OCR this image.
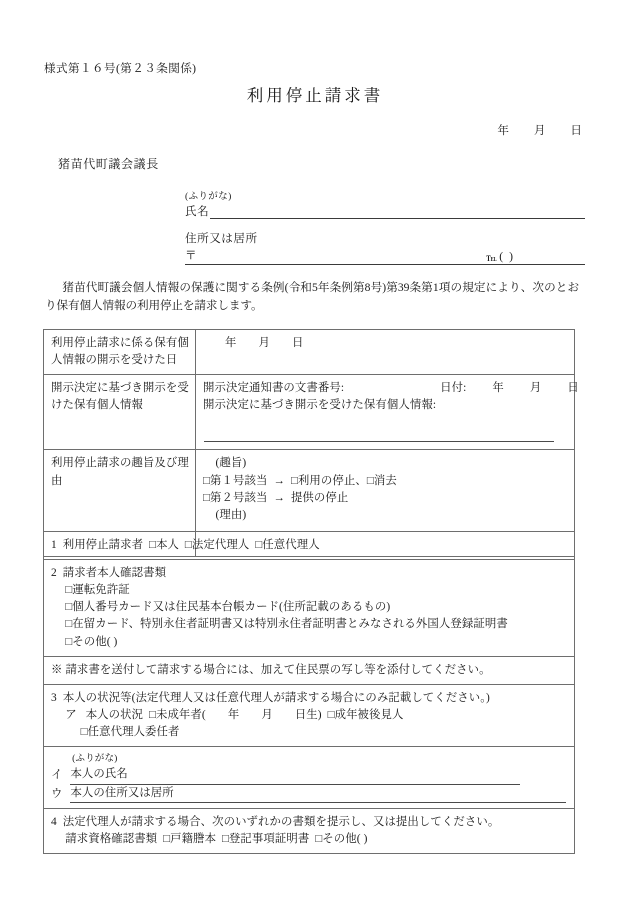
様式第１６号(第２３条関係)
利用停止請求書
年 月 日
猪苗代町議会議長
(ふりがな)
氏名
住所又は居所
〒	Tel ( )
猪苗代町議会個人情報の保護に関する条例(令和5年条例第8号)第39条第1項の規定により、次のとおり保有個人情報の利用停止を請求します。
利用停止請求に係る保有個人情報の開示を受けた日	年 月 日
開示決定に基づき開示を受けた保有個人情報	開示決定通知書の文書番号: 日付: 年 月 日
開示決定に基づき開示を受けた保有個人情報:

利用停止請求の趣旨及び理由	(趣旨)
□第１号該当 → □利用の停止、□消去
□第２号該当 → 提供の停止
(理由)
1 利用停止請求者 □本人 □法定代理人 □任意代理人

2 請求者本人確認書類
□運転免許証
□個人番号カード又は住民基本台帳カード(住所記載のあるもの)
□在留カード、特別永住者証明書又は特別永住者証明書とみなされる外国人登録証明書
□その他( )

※ 請求書を送付して請求する場合には、加えて住民票の写し等を添付してください。

3 本人の状況等(法定代理人又は任意代理人が請求する場合にのみ記載してください。)
ア 本人の状況 □未成年者( 年 月 日生) □成年被後見人
□任意代理人委任者

(ふりがな)
イ 本人の氏名
ウ 本人の住所又は居所

4 法定代理人が請求する場合、次のいずれかの書類を提示し、又は提出してください。
請求資格確認書類 □戸籍謄本 □登記事項証明書 □その他( )
